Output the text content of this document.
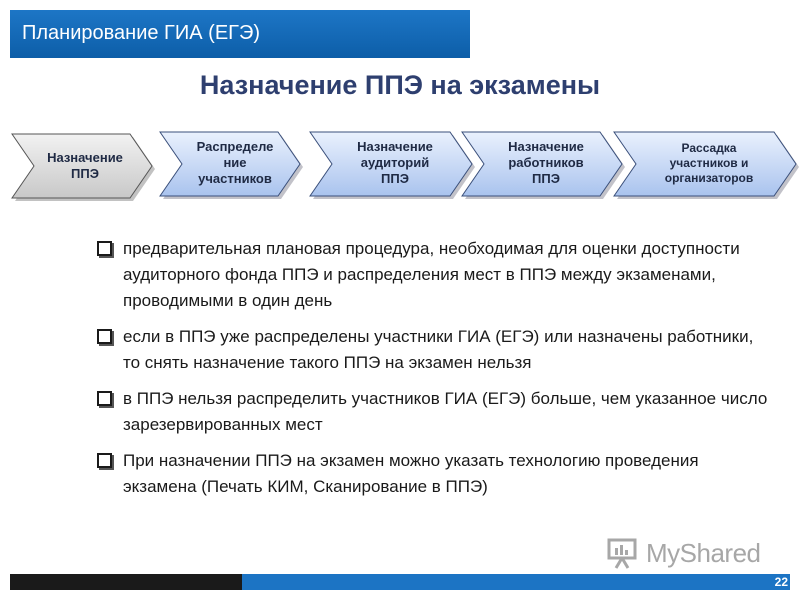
Планирование ГИА (ЕГЭ)
Назначение ППЭ на экзамены
Назначение
ППЭ
Распределе
ние
участников
Назначение
аудиторий
ППЭ
Назначение
работников
ППЭ
Рассадка
участников и
организаторов
предварительная плановая процедура, необходимая для оценки доступности аудиторного фонда ППЭ и распределения мест в ППЭ между экзаменами, проводимыми в один день
если в ППЭ уже распределены участники ГИА (ЕГЭ) или назначены работники, то снять назначение такого ППЭ на экзамен нельзя
в ППЭ нельзя распределить участников ГИА (ЕГЭ) больше, чем указанное число зарезервированных мест
При назначении ППЭ на экзамен можно указать технологию проведения экзамена (Печать КИМ, Сканирование в ППЭ)
MyShared
22
